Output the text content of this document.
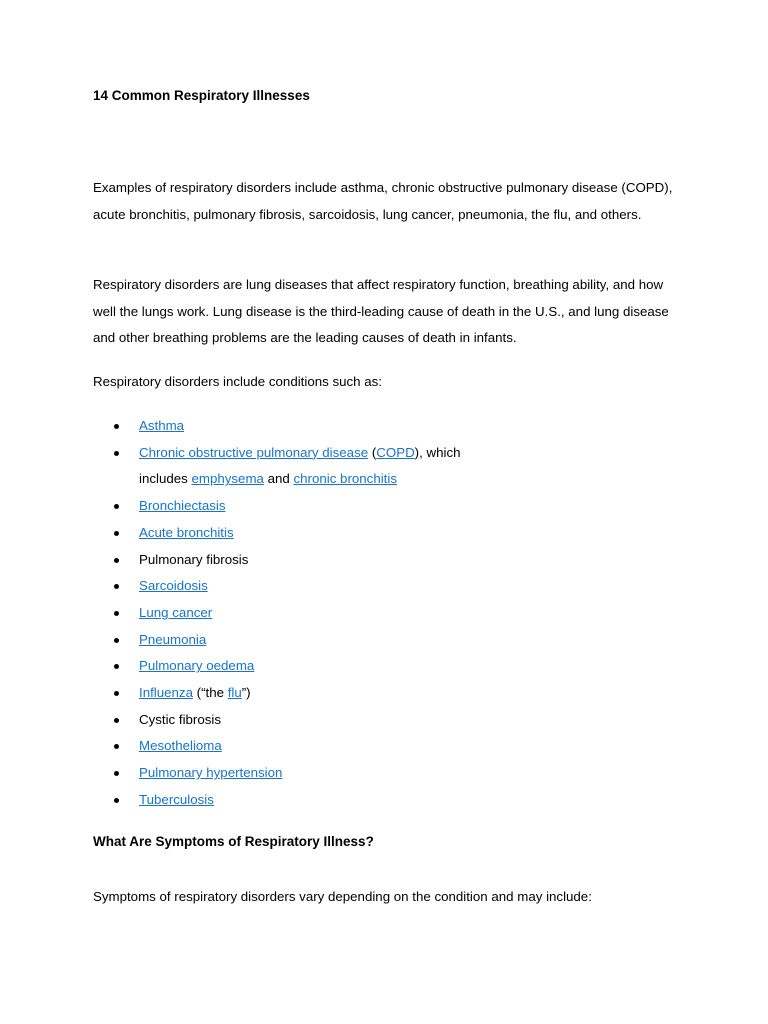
14 Common Respiratory Illnesses

Examples of respiratory disorders include asthma, chronic obstructive pulmonary disease (COPD), acute bronchitis, pulmonary fibrosis, sarcoidosis, lung cancer, pneumonia, the flu, and others.

Respiratory disorders are lung diseases that affect respiratory function, breathing ability, and how well the lungs work. Lung disease is the third-leading cause of death in the U.S., and lung disease and other breathing problems are the leading causes of death in infants.

Respiratory disorders include conditions such as:

Asthma
Chronic obstructive pulmonary disease (COPD), which
includes emphysema and chronic bronchitis
Bronchiectasis
Acute bronchitis
Pulmonary fibrosis
Sarcoidosis
Lung cancer
Pneumonia
Pulmonary oedema
Influenza (“the flu”)
Cystic fibrosis
Mesothelioma
Pulmonary hypertension
Tuberculosis
What Are Symptoms of Respiratory Illness?

Symptoms of respiratory disorders vary depending on the condition and may include:
